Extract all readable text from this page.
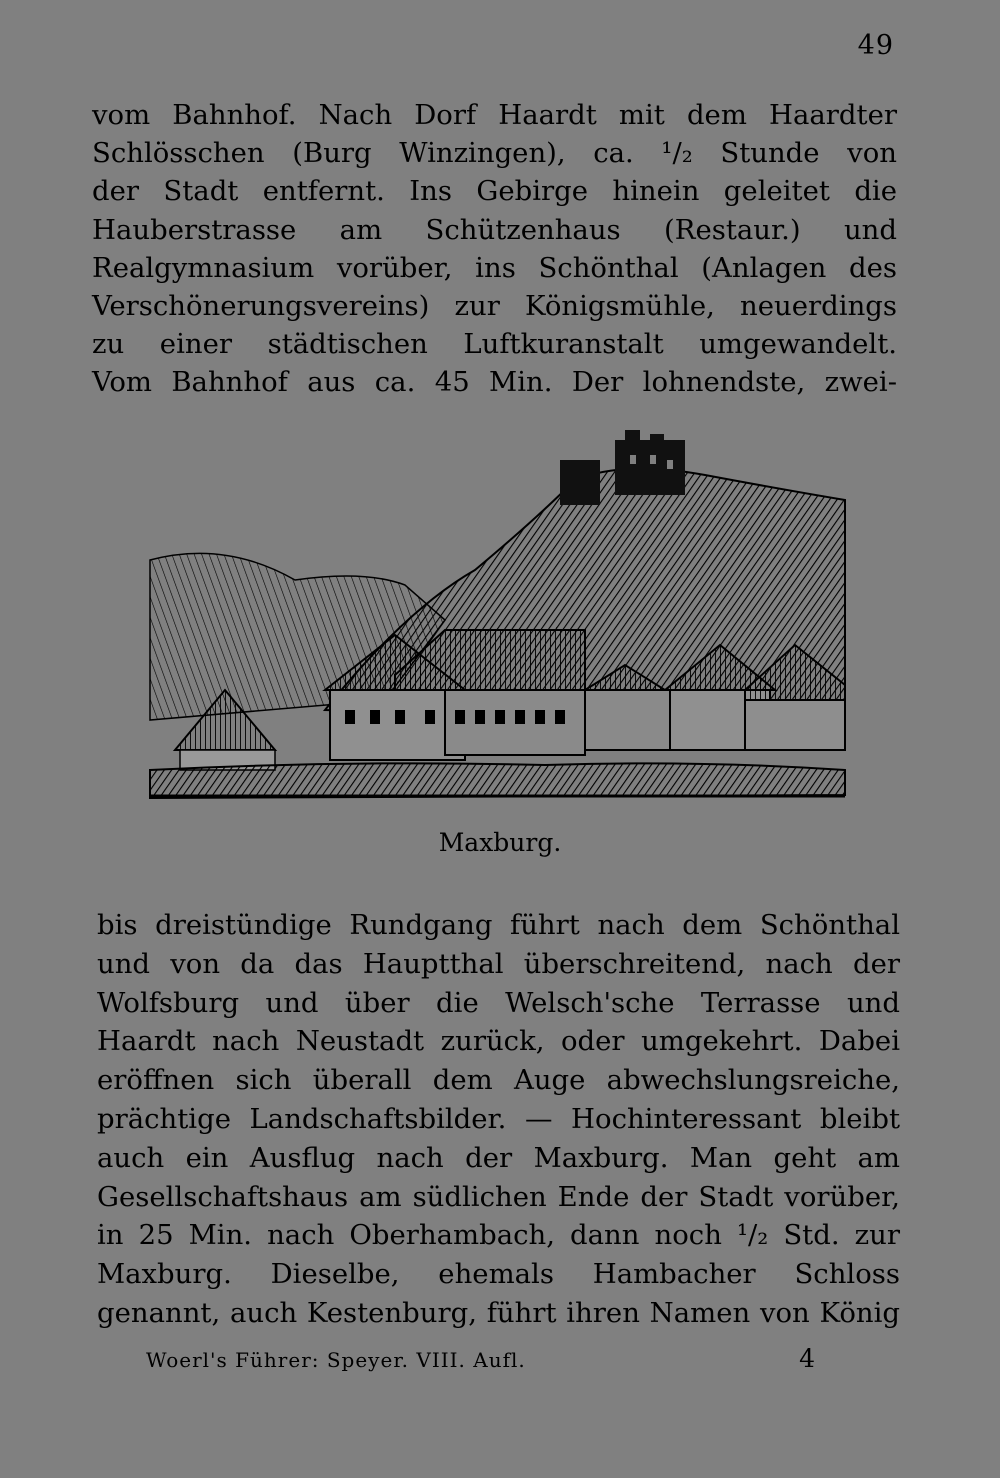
49
vom Bahnhof. Nach Dorf Haardt mit dem Haardter
Schlösschen (Burg Winzingen), ca. ¹/₂ Stunde von
der Stadt entfernt. Ins Gebirge hinein geleitet die
Hauberstrasse am Schützenhaus (Restaur.) und
Realgymnasium vorüber, ins Schönthal (Anlagen des
Verschönerungsvereins) zur Königsmühle, neuerdings
zu einer städtischen Luftkuranstalt umgewandelt.
Vom Bahnhof aus ca. 45 Min. Der lohnendste, zwei-
Maxburg.
bis dreistündige Rundgang führt nach dem Schönthal
und von da das Hauptthal überschreitend, nach der
Wolfsburg und über die Welsch'sche Terrasse und
Haardt nach Neustadt zurück, oder umgekehrt. Dabei
eröffnen sich überall dem Auge abwechslungsreiche,
prächtige Landschaftsbilder. — Hochinteressant bleibt
auch ein Ausflug nach der Maxburg. Man geht am
Gesellschaftshaus am südlichen Ende der Stadt vorüber,
in 25 Min. nach Oberhambach, dann noch ¹/₂ Std. zur
Maxburg. Dieselbe, ehemals Hambacher Schloss
genannt, auch Kestenburg, führt ihren Namen von König
Woerl's Führer: Speyer. VIII. Aufl.	4
